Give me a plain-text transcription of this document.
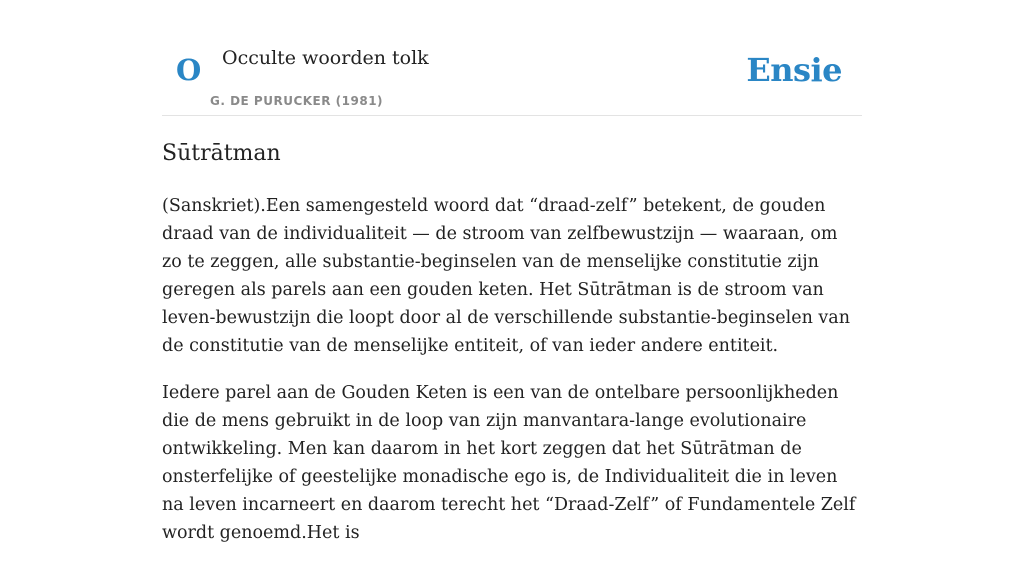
O Occulte woorden tolk
G. DE PURUCKER (1981)
Ensie
Sūtrātman

(Sanskriet).Een samengesteld woord dat “draad-zelf” betekent, de gouden draad van de individualiteit — de stroom van zelfbewustzijn — waaraan, om zo te zeggen, alle substantie-beginselen van de menselijke constitutie zijn geregen als parels aan een gouden keten. Het Sūtrātman is de stroom van leven-bewustzijn die loopt door al de verschillende substantie-beginselen van de constitutie van de menselijke entiteit, of van ieder andere entiteit.

Iedere parel aan de Gouden Keten is een van de ontelbare persoonlijkheden die de mens gebruikt in de loop van zijn manvantara-lange evolutionaire ontwikkeling. Men kan daarom in het kort zeggen dat het Sūtrātman de onsterfelijke of geestelijke monadische ego is, de Individualiteit die in leven na leven incarneert en daarom terecht het “Draad-Zelf” of Fundamentele Zelf wordt genoemd.Het is
